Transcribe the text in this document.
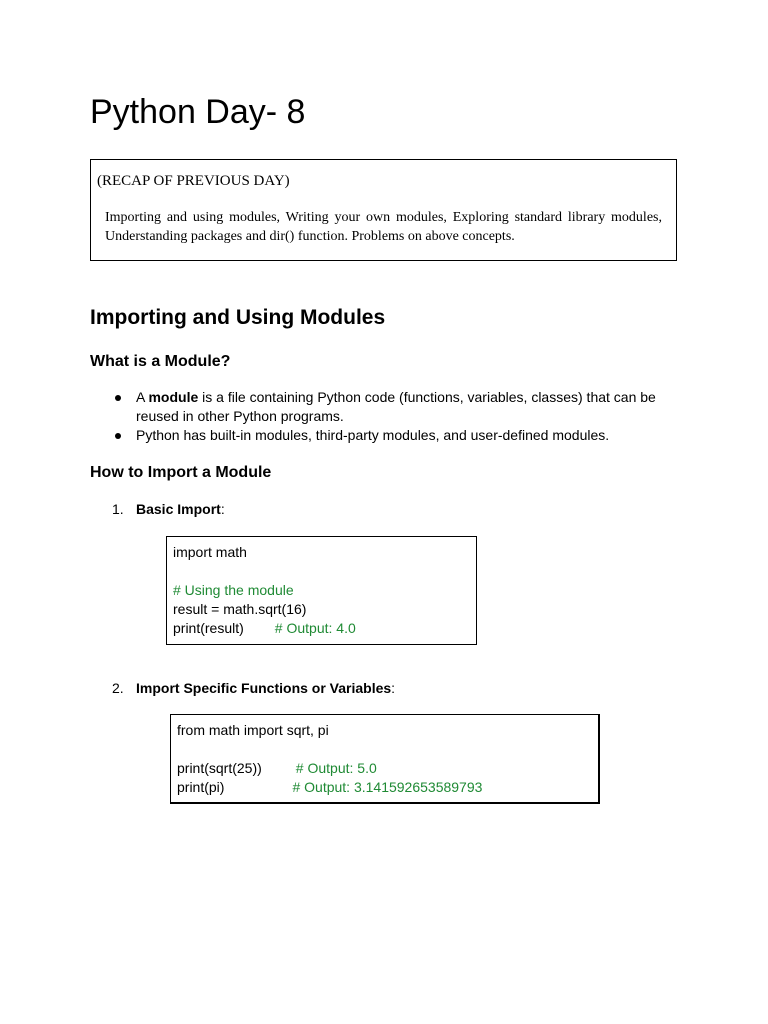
Python Day- 8
(RECAP OF PREVIOUS DAY)
Importing and using modules, Writing your own modules, Exploring standard library modules, Understanding packages and dir() function. Problems on above concepts.
Importing and Using Modules
What is a Module?
A module is a file containing Python code (functions, variables, classes) that can be reused in other Python programs.
Python has built-in modules, third-party modules, and user-defined modules.
How to Import a Module
1. Basic Import:
import math
# Using the module
result = math.sqrt(16)
print(result) # Output: 4.0
2. Import Specific Functions or Variables:
from math import sqrt, pi
print(sqrt(25)) # Output: 5.0
print(pi)	# Output: 3.141592653589793
